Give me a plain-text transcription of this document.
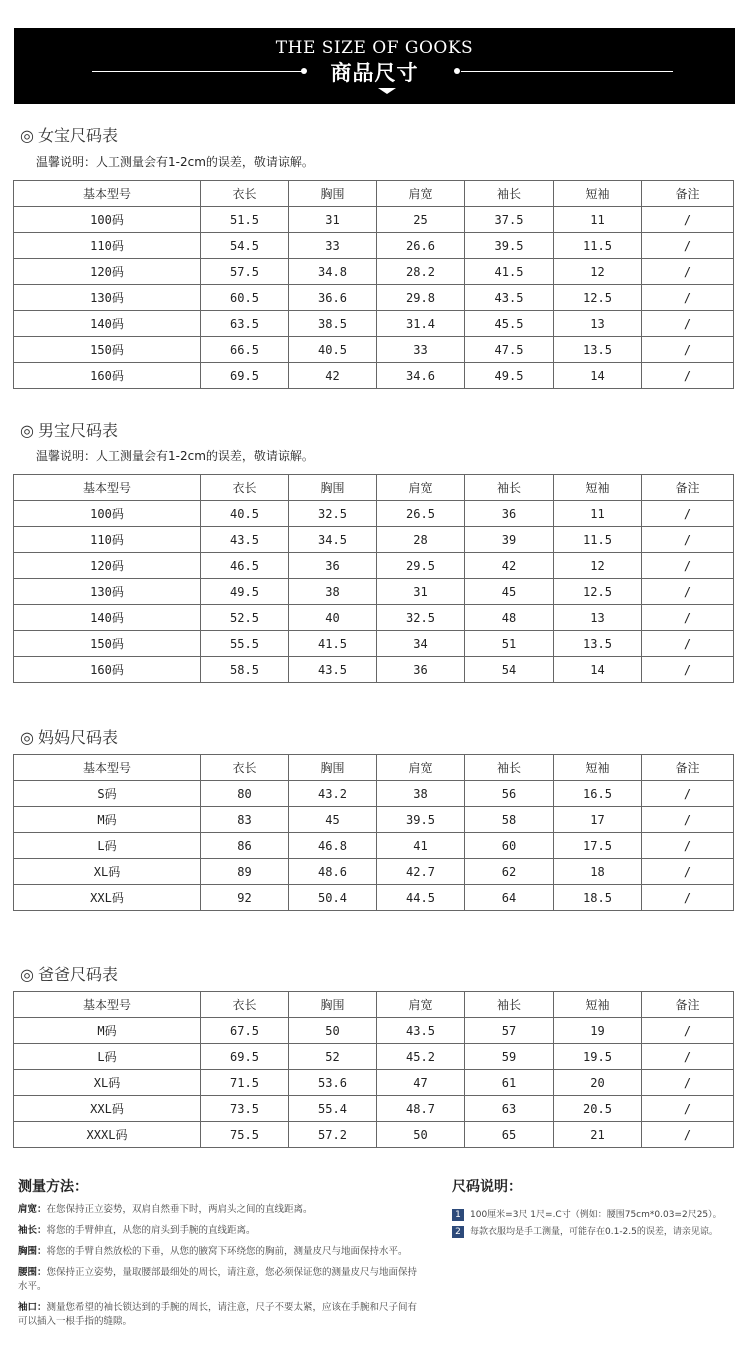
THE SIZE OF GOOKS
商品尺寸
◎ 女宝尺码表
温馨说明：人工测量会有1-2cm的误差，敬请谅解。
基本型号	衣长	胸围	肩宽	袖长	短袖	备注
100码	51.5	31	25	37.5	11	/
110码	54.5	33	26.6	39.5	11.5	/
120码	57.5	34.8	28.2	41.5	12	/
130码	60.5	36.6	29.8	43.5	12.5	/
140码	63.5	38.5	31.4	45.5	13	/
150码	66.5	40.5	33	47.5	13.5	/
160码	69.5	42	34.6	49.5	14	/
◎ 男宝尺码表
温馨说明：人工测量会有1-2cm的误差，敬请谅解。
基本型号	衣长	胸围	肩宽	袖长	短袖	备注
100码	40.5	32.5	26.5	36	11	/
110码	43.5	34.5	28	39	11.5	/
120码	46.5	36	29.5	42	12	/
130码	49.5	38	31	45	12.5	/
140码	52.5	40	32.5	48	13	/
150码	55.5	41.5	34	51	13.5	/
160码	58.5	43.5	36	54	14	/
◎ 妈妈尺码表
基本型号	衣长	胸围	肩宽	袖长	短袖	备注
S码	80	43.2	38	56	16.5	/
M码	83	45	39.5	58	17	/
L码	86	46.8	41	60	17.5	/
XL码	89	48.6	42.7	62	18	/
XXL码	92	50.4	44.5	64	18.5	/
◎ 爸爸尺码表
基本型号	衣长	胸围	肩宽	袖长	短袖	备注
M码	67.5	50	43.5	57	19	/
L码	69.5	52	45.2	59	19.5	/
XL码	71.5	53.6	47	61	20	/
XXL码	73.5	55.4	48.7	63	20.5	/
XXXL码	75.5	57.2	50	65	21	/
测量方法：
肩宽：在您保持正立姿势，双肩自然垂下时，两肩头之间的直线距离。
袖长：将您的手臂伸直，从您的肩头到手腕的直线距离。
胸围：将您的手臂自然放松的下垂，从您的腋窝下环绕您的胸前，测量皮尺与地面保持水平。
腰围：您保持正立姿势，量取腰部最细处的周长，请注意，您必须保证您的测量皮尺与地面保持水平。
袖口：测量您希望的袖长锁达到的手腕的周长，请注意，尺子不要太紧，应该在手腕和尺子间有可以插入一根手指的缝隙。
尺码说明：
1 100厘米=3尺 1尺=.C寸（例如：腰围75cm*0.03=2尺25）。
2 每款衣服均是手工测量，可能存在0.1-2.5的误差，请亲见谅。
